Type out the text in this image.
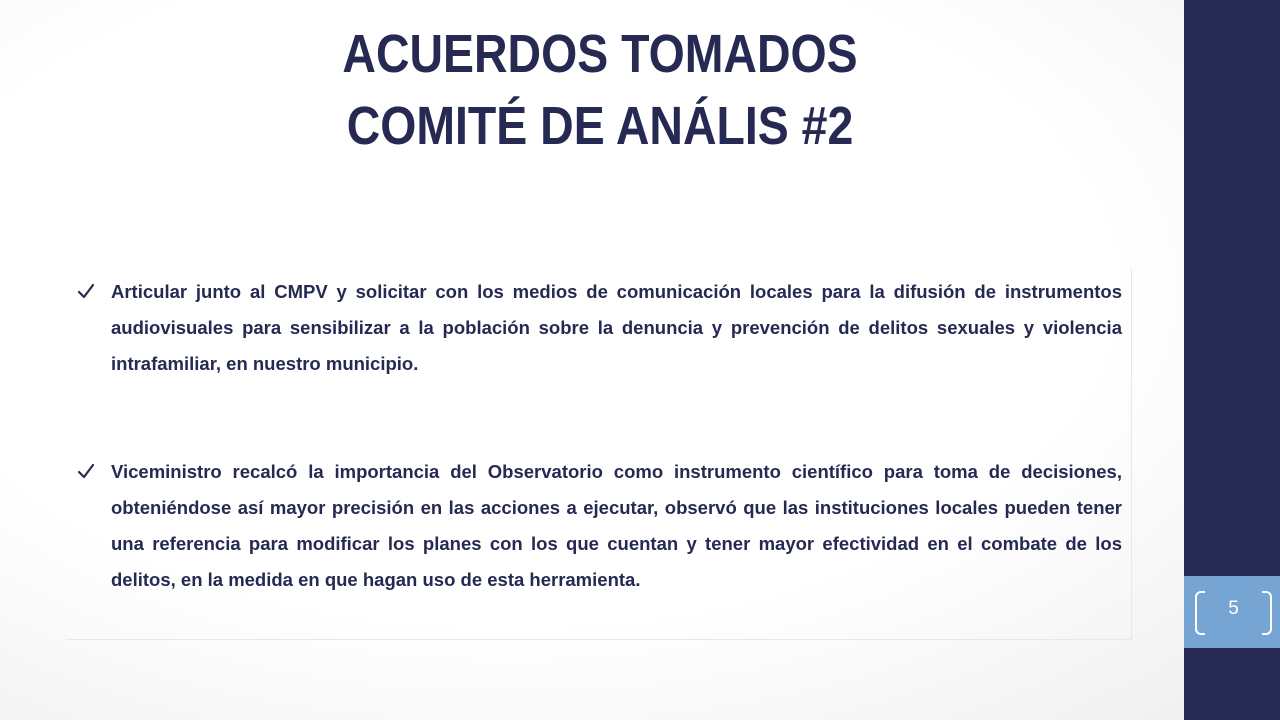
ACUERDOS TOMADOS
COMITÉ DE ANÁLIS #2

Articular junto al CMPV y solicitar con los medios de comunicación locales para la difusión de instrumentos audiovisuales para sensibilizar a la población sobre la denuncia y prevención de delitos sexuales y violencia intrafamiliar, en nuestro municipio.

Viceministro recalcó la importancia del Observatorio como instrumento científico para toma de decisiones, obteniéndose así mayor precisión en las acciones a ejecutar, observó que las instituciones locales pueden tener una referencia para modificar los planes con los que cuentan y tener mayor efectividad en el combate de los delitos, en la medida en que hagan uso de esta herramienta.

5
